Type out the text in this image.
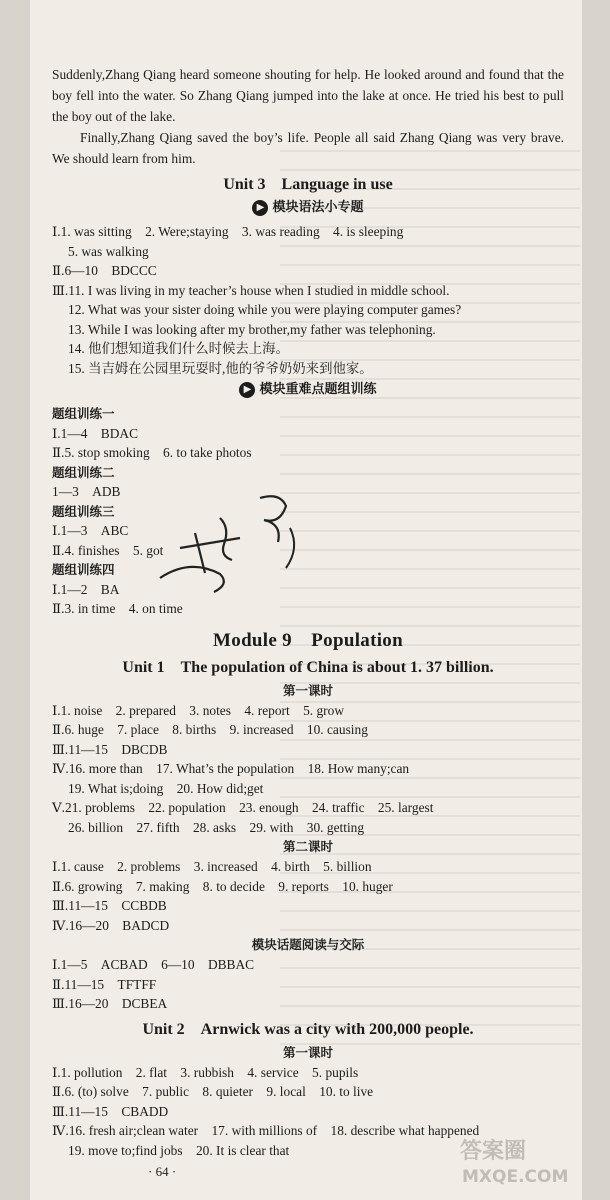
Suddenly,Zhang Qiang heard someone shouting for help. He looked around and found that the boy fell into the water. So Zhang Qiang jumped into the lake at once. He tried his best to pull the boy out of the lake.
Finally,Zhang Qiang saved the boy’s life. People all said Zhang Qiang was very brave. We should learn from him.
Unit 3　Language in use
▶ 模块语法小专题
Ⅰ.1. was sitting　2. Were;staying　3. was reading　4. is sleeping
5. was walking
Ⅱ.6—10　BDCCC
Ⅲ.11. I was living in my teacher’s house when I studied in middle school.
12. What was your sister doing while you were playing computer games?
13. While I was looking after my brother,my father was telephoning.
14. 他们想知道我们什么时候去上海。
15. 当吉姆在公园里玩耍时,他的爷爷奶奶来到他家。
▶ 模块重难点题组训练
题组训练一
Ⅰ.1—4　BDAC
Ⅱ.5. stop smoking　6. to take photos
题组训练二
1—3　ADB
题组训练三
Ⅰ.1—3　ABC
Ⅱ.4. finishes　5. got
题组训练四
Ⅰ.1—2　BA
Ⅱ.3. in time　4. on time
Module 9　Population
Unit 1　The population of China is about 1. 37 billion.
第一课时
Ⅰ.1. noise　2. prepared　3. notes　4. report　5. grow
Ⅱ.6. huge　7. place　8. births　9. increased　10. causing
Ⅲ.11—15　DBCDB
Ⅳ.16. more than　17. What’s the population　18. How many;can
19. What is;doing　20. How did;get
Ⅴ.21. problems　22. population　23. enough　24. traffic　25. largest
26. billion　27. fifth　28. asks　29. with　30. getting
第二课时
Ⅰ.1. cause　2. problems　3. increased　4. birth　5. billion
Ⅱ.6. growing　7. making　8. to decide　9. reports　10. huger
Ⅲ.11—15　CCBDB
Ⅳ.16—20　BADCD
模块话题阅读与交际
Ⅰ.1—5　ACBAD　6—10　DBBAC
Ⅱ.11—15　TFTFF
Ⅲ.16—20　DCBEA
Unit 2　Arnwick was a city with 200,000 people.
第一课时
Ⅰ.1. pollution　2. flat　3. rubbish　4. service　5. pupils
Ⅱ.6. (to) solve　7. public　8. quieter　9. local　10. to live
Ⅲ.11—15　CBADD
Ⅳ.16. fresh air;clean water　17. with millions of　18. describe what happened
19. move to;find jobs　20. It is clear that
· 64 ·
答案圈
MXQE.COM
